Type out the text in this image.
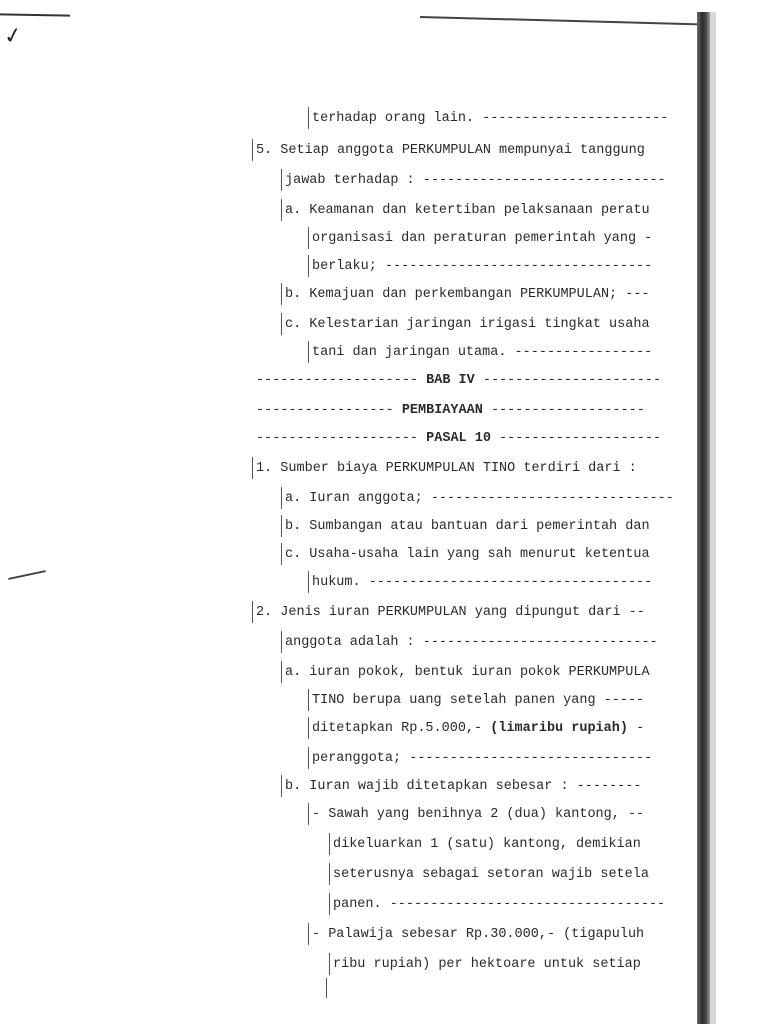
✓
terhadap orang lain. -----------------------
5. Setiap anggota PERKUMPULAN mempunyai tanggung
jawab terhadap : ------------------------------
a. Keamanan dan ketertiban pelaksanaan peratu
organisasi dan peraturan pemerintah yang -
berlaku; ---------------------------------
b. Kemajuan dan perkembangan PERKUMPULAN; ---
c. Kelestarian jaringan irigasi tingkat usaha
tani dan jaringan utama. -----------------
-------------------- BAB IV ----------------------
----------------- PEMBIAYAAN -------------------
-------------------- PASAL 10 --------------------
1. Sumber biaya PERKUMPULAN TINO terdiri dari :
a. Iuran anggota; ------------------------------
b. Sumbangan atau bantuan dari pemerintah dan
c. Usaha-usaha lain yang sah menurut ketentua
hukum. -----------------------------------
2. Jenis iuran PERKUMPULAN yang dipungut dari --
anggota adalah : -----------------------------
a. iuran pokok, bentuk iuran pokok PERKUMPULA
TINO berupa uang setelah panen yang -----
ditetapkan Rp.5.000,- (limaribu rupiah) -
peranggota; ------------------------------
b. Iuran wajib ditetapkan sebesar : --------
- Sawah yang benihnya 2 (dua) kantong, --
dikeluarkan 1 (satu) kantong, demikian
seterusnya sebagai setoran wajib setela
panen. ----------------------------------
- Palawija sebesar Rp.30.000,- (tigapuluh
ribu rupiah) per hektoare untuk setiap
